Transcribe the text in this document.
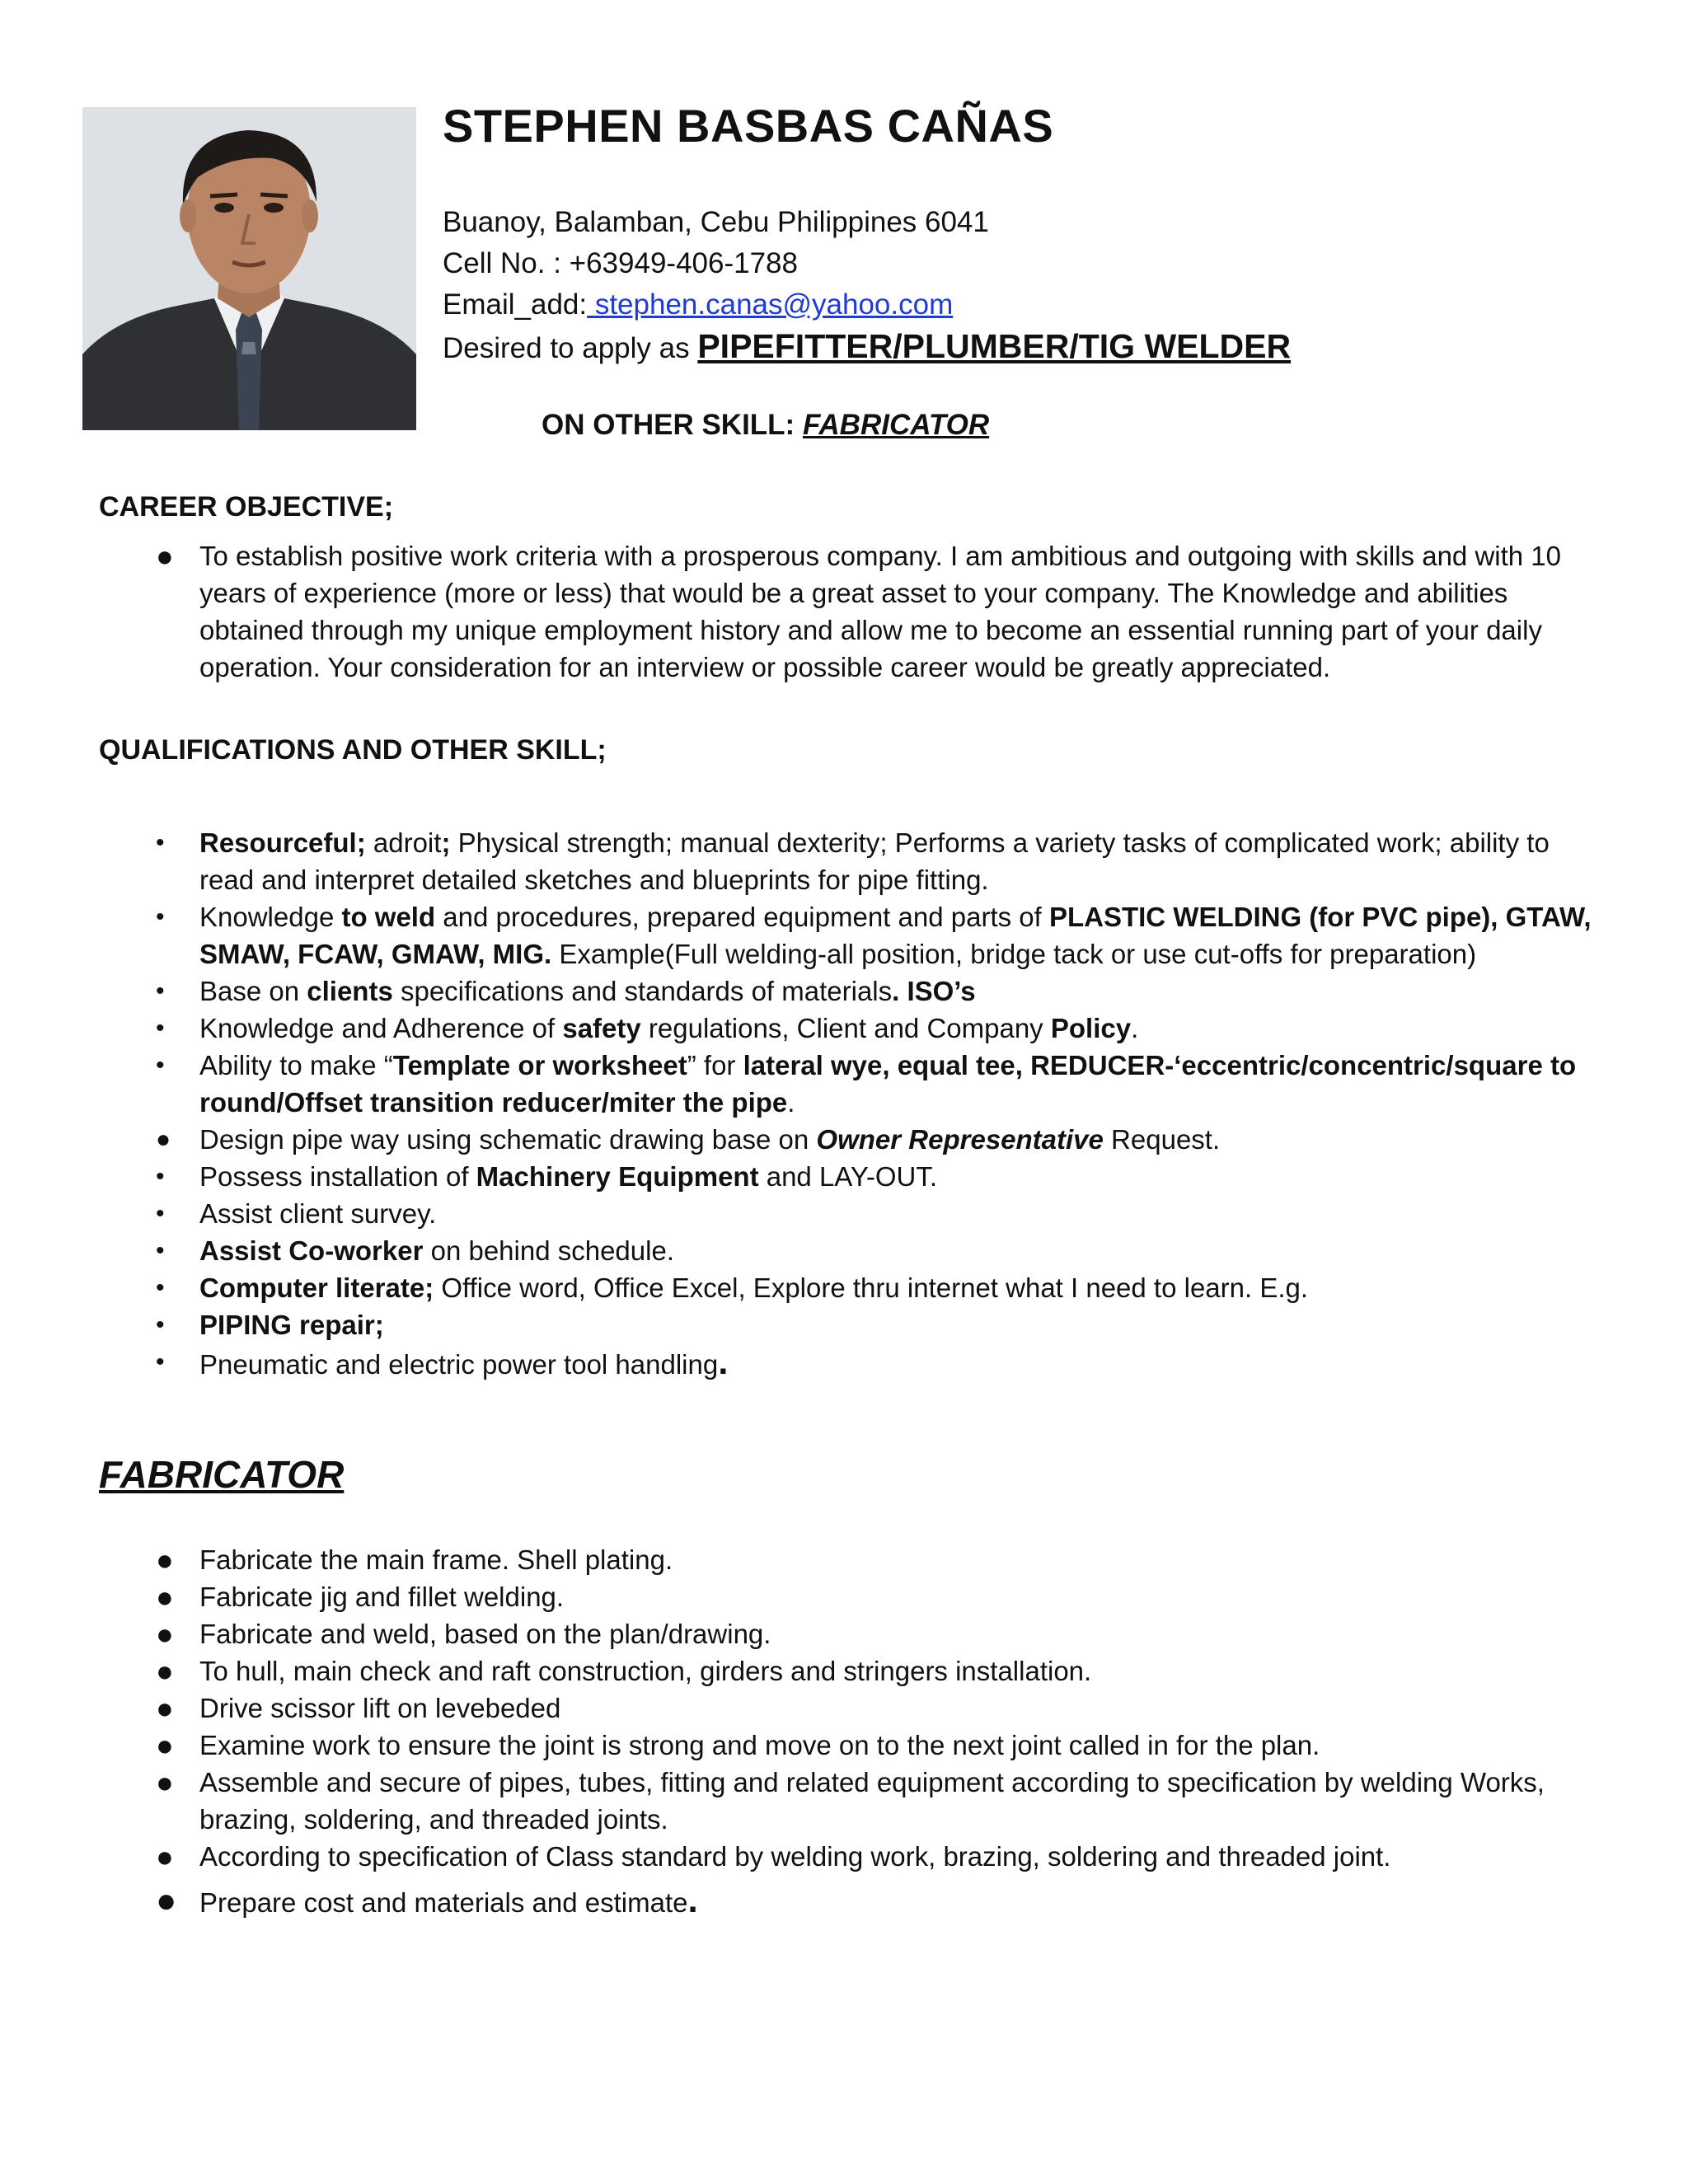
STEPHEN BASBAS CAÑAS
Buanoy, Balamban, Cebu Philippines 6041
Cell No. : +63949-406-1788
Email_add: stephen.canas@yahoo.com
Desired to apply as PIPEFITTER/PLUMBER/TIG WELDER
ON OTHER SKILL: FABRICATOR
CAREER OBJECTIVE;
● To establish positive work criteria with a prosperous company. I am ambitious and outgoing with skills and with 10 years of experience (more or less) that would be a great asset to your company. The Knowledge and abilities obtained through my unique employment history and allow me to become an essential running part of your daily operation. Your consideration for an interview or possible career would be greatly appreciated.
QUALIFICATIONS AND OTHER SKILL;
• Resourceful; adroit; Physical strength; manual dexterity; Performs a variety tasks of complicated work; ability to read and interpret detailed sketches and blueprints for pipe fitting.
• Knowledge to weld and procedures, prepared equipment and parts of PLASTIC WELDING (for PVC pipe), GTAW, SMAW, FCAW, GMAW, MIG. Example(Full welding-all position, bridge tack or use cut-offs for preparation)
• Base on clients specifications and standards of materials. ISO’s
• Knowledge and Adherence of safety regulations, Client and Company Policy.
• Ability to make “Template or worksheet” for lateral wye, equal tee, REDUCER-‘eccentric/concentric/square to round/Offset transition reducer/miter the pipe.
● Design pipe way using schematic drawing base on Owner Representative Request.
• Possess installation of Machinery Equipment and LAY-OUT.
• Assist client survey.
• Assist Co-worker on behind schedule.
• Computer literate; Office word, Office Excel, Explore thru internet what I need to learn. E.g.
• PIPING repair;
• Pneumatic and electric power tool handling.
FABRICATOR
● Fabricate the main frame. Shell plating.
● Fabricate jig and fillet welding.
● Fabricate and weld, based on the plan/drawing.
● To hull, main check and raft construction, girders and stringers installation.
● Drive scissor lift on levebeded
● Examine work to ensure the joint is strong and move on to the next joint called in for the plan.
● Assemble and secure of pipes, tubes, fitting and related equipment according to specification by welding Works, brazing, soldering, and threaded joints.
● According to specification of Class standard by welding work, brazing, soldering and threaded joint.
● Prepare cost and materials and estimate.
